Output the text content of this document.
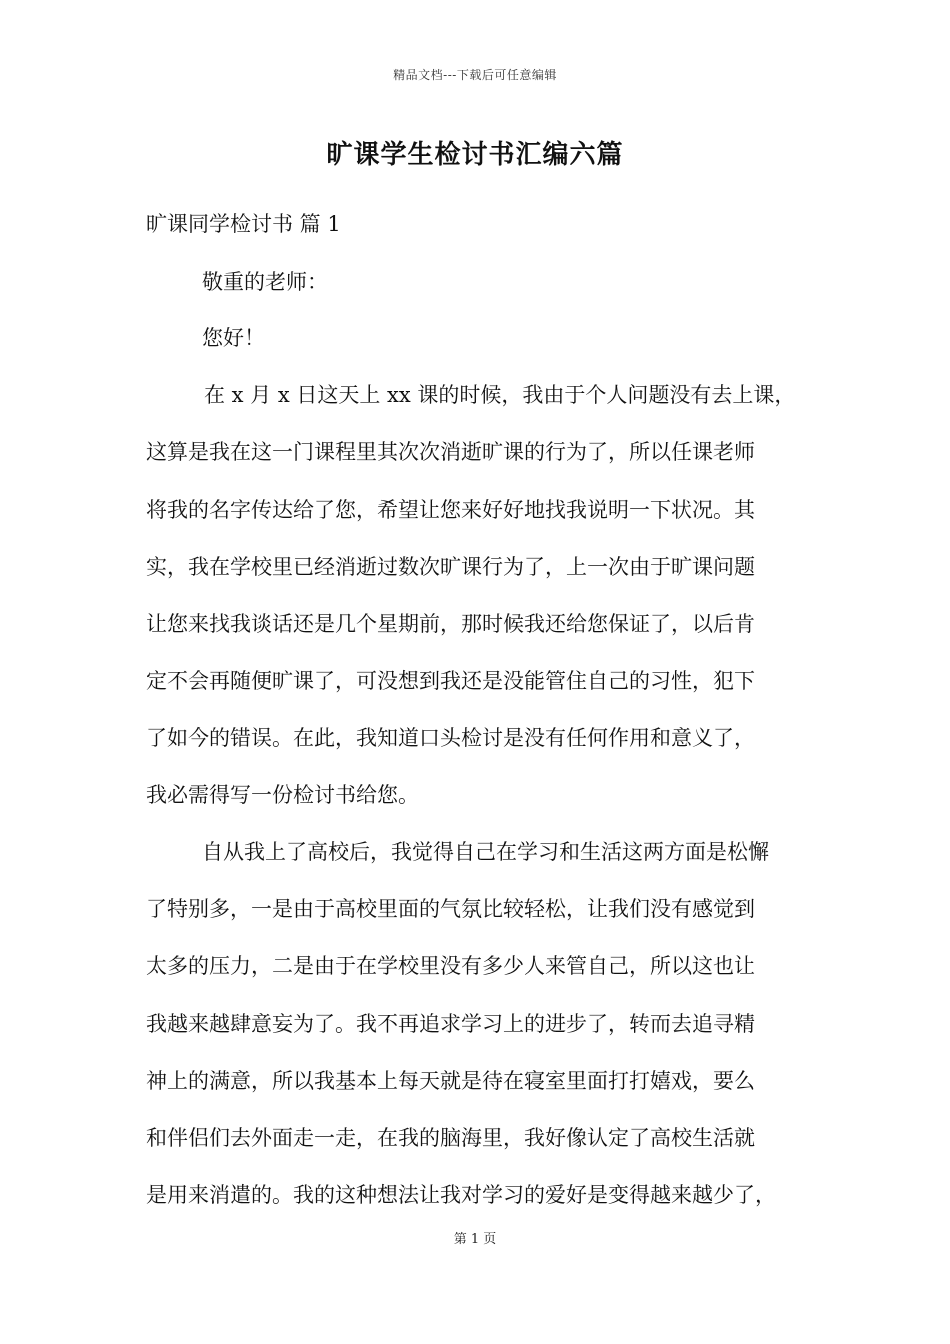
精品文档---下载后可任意编辑
旷课学生检讨书汇编六篇
旷课同学检讨书 篇 1
敬重的老师：
您好！
在 x 月 x 日这天上 xx 课的时候，我由于个人问题没有去上课，
这算是我在这一门课程里其次次消逝旷课的行为了，所以任课老师
将我的名字传达给了您，希望让您来好好地找我说明一下状况。其
实，我在学校里已经消逝过数次旷课行为了，上一次由于旷课问题
让您来找我谈话还是几个星期前，那时候我还给您保证了，以后肯
定不会再随便旷课了，可没想到我还是没能管住自己的习性，犯下
了如今的错误。在此，我知道口头检讨是没有任何作用和意义了，
我必需得写一份检讨书给您。
自从我上了高校后，我觉得自己在学习和生活这两方面是松懈
了特别多，一是由于高校里面的气氛比较轻松，让我们没有感觉到
太多的压力，二是由于在学校里没有多少人来管自己，所以这也让
我越来越肆意妄为了。我不再追求学习上的进步了，转而去追寻精
神上的满意，所以我基本上每天就是待在寝室里面打打嬉戏，要么
和伴侣们去外面走一走，在我的脑海里，我好像认定了高校生活就
是用来消遣的。我的这种想法让我对学习的爱好是变得越来越少了，
第 1 页
